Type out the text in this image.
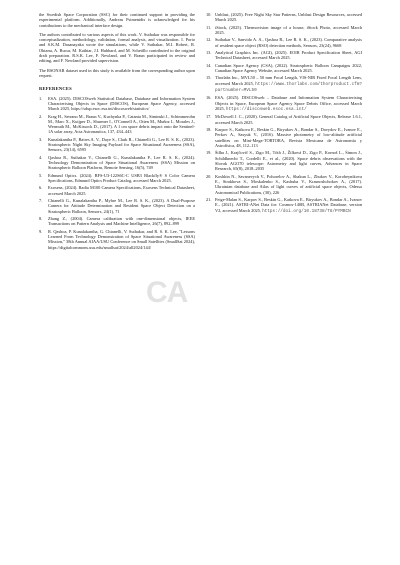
the Swedish Space Corporation (SSC) for their continued support in providing the experimental platform. Additionally, Andreas Psimenidis is acknowledged for his contributions to the mechanical interface design.

The authors contributed to various aspects of this work. V. Suthakar was responsible for conceptualization, methodology, validation, formal analysis, and visualization. I. Porto and S.K.M. Dasanayaka wrote the simulations, while V. Suthakar, M.I. Robert, R. Ohtanu, A. Bucur, M. Kathiar, J.I. Hubbard, and M. Schetillo contributed to the original draft preparation. R.S.K. Lee, F. Newland, and V. Braun participated in review and editing, and F. Newland provided supervision.

The RSONAR dataset used in this study is available from the corresponding author upon request.

REFERENCES
1. ESA. (2025). DISCOSweb Statistical Database, Database and Information System Characterising Objects in Space (DISCOS), European Space Agency, accessed March 2025, https://sdup.esoc.esa.int/discosweb/statistics/
2. Krag H., Serrano M., Braun V., Kuchynka P., Catania M., Siminski J., Schimmerohn M., Marc X., Kuijper D., Shurmer I., O'Connell A., Otten M., Muñoz I., Morales J., Wermuth M., McKissock D., (2017). A 1 cm space debris impact onto the Sentinel-1A solar array, Acta Astronautica, 137, 434–443
3. Kunalakantha P., Baires A. V., Daye S., Clark R., Chianelli G., Lee R. S. K., (2023). Stratospheric Night Sky Imaging Payload for Space Situational Awareness (SSA), Sensors, 23(14), 6595
4. Qashoa R., Suthakar V., Chianelli G., Kunalakantha P., Lee R. S. K., (2024). Technology Demonstration of Space Situational Awareness (SSA) Mission on Stratospheric Balloon Platform, Remote Sensing, 16(5), 749
5. Edmund Optics. (2024). BFS-U3-122S6C-C USB3 Blackfly® S Color Camera Specifications, Edmund Optics Product Catalog, accessed March 2025.
6. Exosens, (2024). Radia M100 Camera Specifications, Exosens Technical Datasheet, accessed March 2025.
7. Chianelli G., Kunalakantha P., Myhre M., Lee R. S. K., (2023). A Dual-Purpose Camera for Attitude Determination and Resident Space Object Detection on a Stratospheric Balloon, Sensors, 24(1), 71
8. Zhang Z., (2004). Camera calibration with one-dimensional objects, IEEE Transactions on Pattern Analysis and Machine Intelligence, 26(7), 892–899
9. R. Qashoa, P. Kunalakantha, G. Chianelli, V. Suthakar, and R. S. K. Lee, "Lessons Learned From Technology Demonstration of Space Situational Awareness (SSA) Mission," 38th Annual AIAA/USU Conference on Small Satellites (SmallSat 2024), https://digitalcommons.usu.edu/smallsat/2024/all2024/144/
10. Unblast, (2025). Free Night Sky Star Patterns, Unblast Design Resources, accessed March 2025.
11. iStock, (2025). Thermovision image of a house, iStock Photo, accessed March 2025.
12. Suthakar V., Sanvido A. A., Qashoa R., Lee R. S. K., (2023). Comparative analysis of resident space object (RSO) detection methods, Sensors, 23(24), 9668
13. Analytical Graphics Inc. (AGI), (2025). EOIR Product Specification Sheet, AGI Technical Datasheet, accessed March 2025.
14. Canadian Space Agency (CSA), (2022). Stratospheric Balloon Campaigns 2022, Canadian Space Agency Website, accessed March 2025.
15. Thorlabs Inc., MVL50 – 50 mm Focal Length, VIS-NIR Fixed Focal Length Lens, accessed March 2025, https://www.thorlabs.com/thorproduct.cfm?partnumber=MVL50
16. ESA, (2025). DISCOSweb – Database and Information System Characterising Objects in Space, European Space Agency Space Debris Office, accessed March 2025, https://discosweb.esoc.esa.int/
17. McDowell J. C., (2020). General Catalog of Artificial Space Objects, Release 1.6.1, accessed March 2025.
18. Karpov S., Katkova E., Beskin G., Biryukov A., Bondar S., Davydov E., Ivanov E., Perkov A., Sasyuk V., (2016). Massive photometry of low-altitude artificial satellites on Mini-Mega-TORTORA, Revista Mexicana de Astronomía y Astrofísica, 48, 112–113
19. Šilha J., Krajčovič S., Zigo M., Tóth J., Žilková D., Zigo P., Kornoš L., Šimon J., Schildknecht T., Cordelli E., et al., (2020). Space debris observations with the Slovak AGO70 telescope: Astrometry and light curves, Advances in Space Research, 65(8), 2018–2035
20. Koshkin N., Savanevych V., Pohorelov A., Shakun L., Zhukov V., Korobeynikova E., Strakhova S., Moskalenko S., Kashuba V., Krasnoshchokov A., (2017). Ukrainian database and Atlas of light curves of artificial space objects, Odessa Astronomical Publications, (30), 226
21. Feige-Malan S., Karpov S., Beskin G., Katkova E., Biryukov A., Bondar A., Ivanov E., (2021). ASTRI-ANet Data for: Cosmos-140B, ASTRIANet Database, version V2, accessed March 2025, https://doi.org/10.18738/T8/PYMBCN
CA
